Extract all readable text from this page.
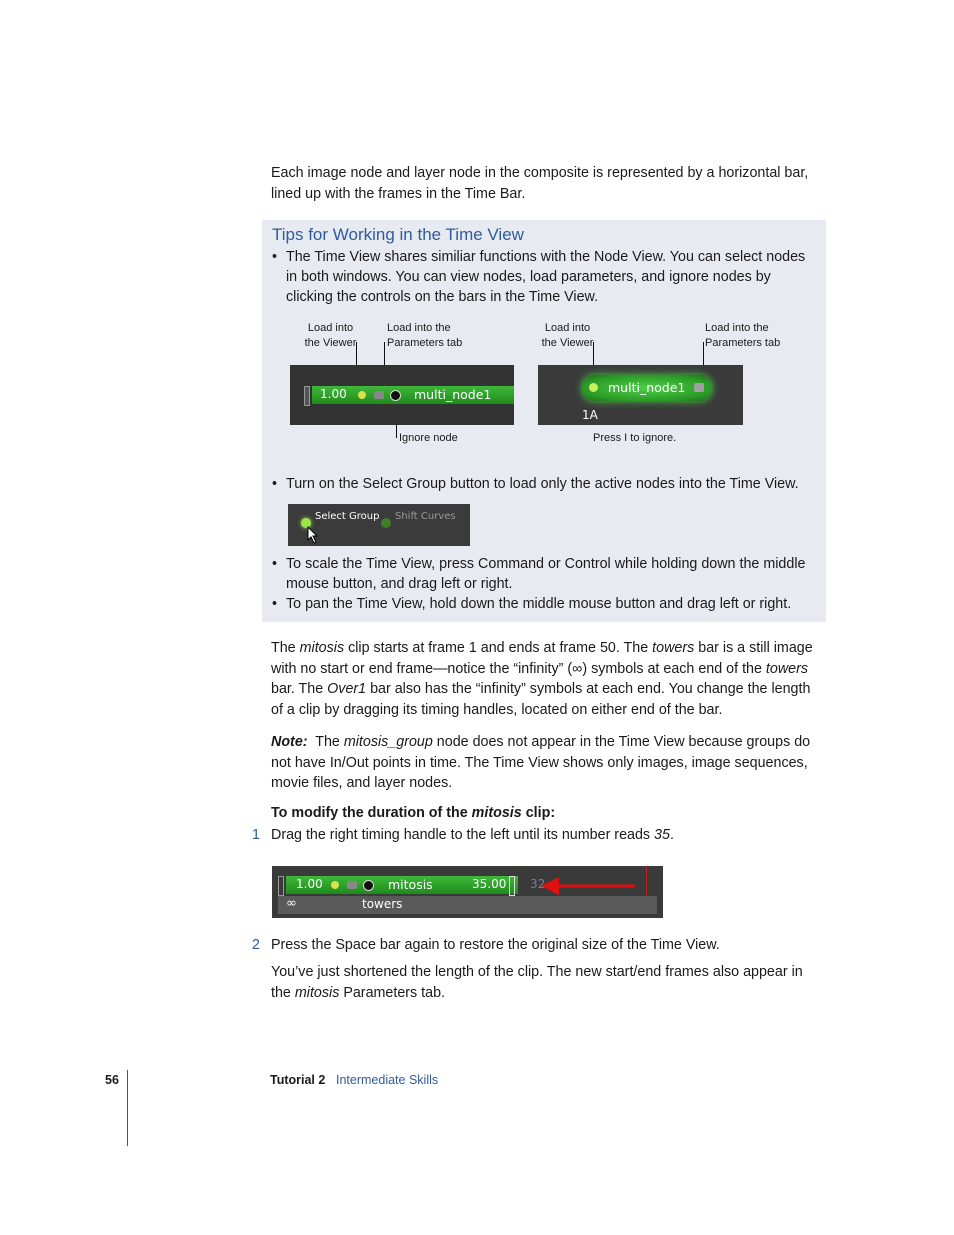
Each image node and layer node in the composite is represented by a horizontal bar, lined up with the frames in the Time Bar.
Tips for Working in the Time View
• The Time View shares similiar functions with the Node View. You can select nodes in both windows. You can view nodes, load parameters, and ignore nodes by clicking the controls on the bars in the Time View.
Load into the Viewer
Load into the Parameters tab
Load into the Viewer
Load into the Parameters tab
1.00	multi_node1	multi_node1
1A
Ignore node	Press I to ignore.
• Turn on the Select Group button to load only the active nodes into the Time View.
Select Group Shift Curves
• To scale the Time View, press Command or Control while holding down the middle mouse button, and drag left or right.
• To pan the Time View, hold down the middle mouse button and drag left or right.
The mitosis clip starts at frame 1 and ends at frame 50. The towers bar is a still image with no start or end frame—notice the “infinity” (∞) symbols at each end of the towers bar. The Over1 bar also has the “infinity” symbols at each end. You change the length of a clip by dragging its timing handles, located on either end of the bar.
Note:  The mitosis_group node does not appear in the Time View because groups do not have In/Out points in time. The Time View shows only images, image sequences, movie files, and layer nodes.
To modify the duration of the mitosis clip:
1 Drag the right timing handle to the left until its number reads 35.
1.00	mitosis	35.00 32
∞	towers
2 Press the Space bar again to restore the original size of the Time View.
You’ve just shortened the length of the clip. The new start/end frames also appear in the mitosis Parameters tab.
56	Tutorial 2 Intermediate Skills
